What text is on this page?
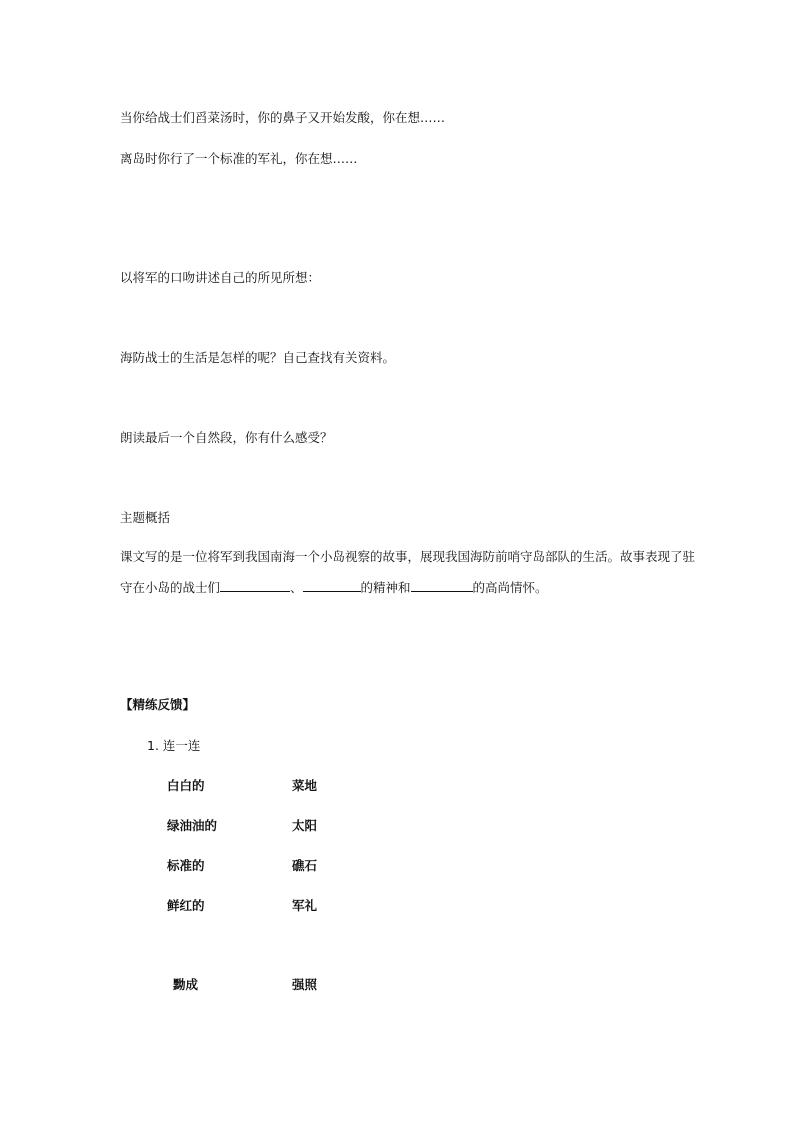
当你给战士们舀菜汤时，你的鼻子又开始发酸，你在想……
离岛时你行了一个标准的军礼，你在想……
以将军的口吻讲述自己的所见所想：
海防战士的生活是怎样的呢？自己查找有关资料。
朗读最后一个自然段，你有什么感受？
主题概括
课文写的是一位将军到我国南海一个小岛视察的故事，展现我国海防前哨守岛部队的生活。故事表现了驻
守在小岛的战士们	、	的精神和	的高尚情怀。
【精练反馈】
1. 连一连
白白的	菜地
绿油油的	太阳
标准的	礁石
鲜红的	军礼
黝成	强照
